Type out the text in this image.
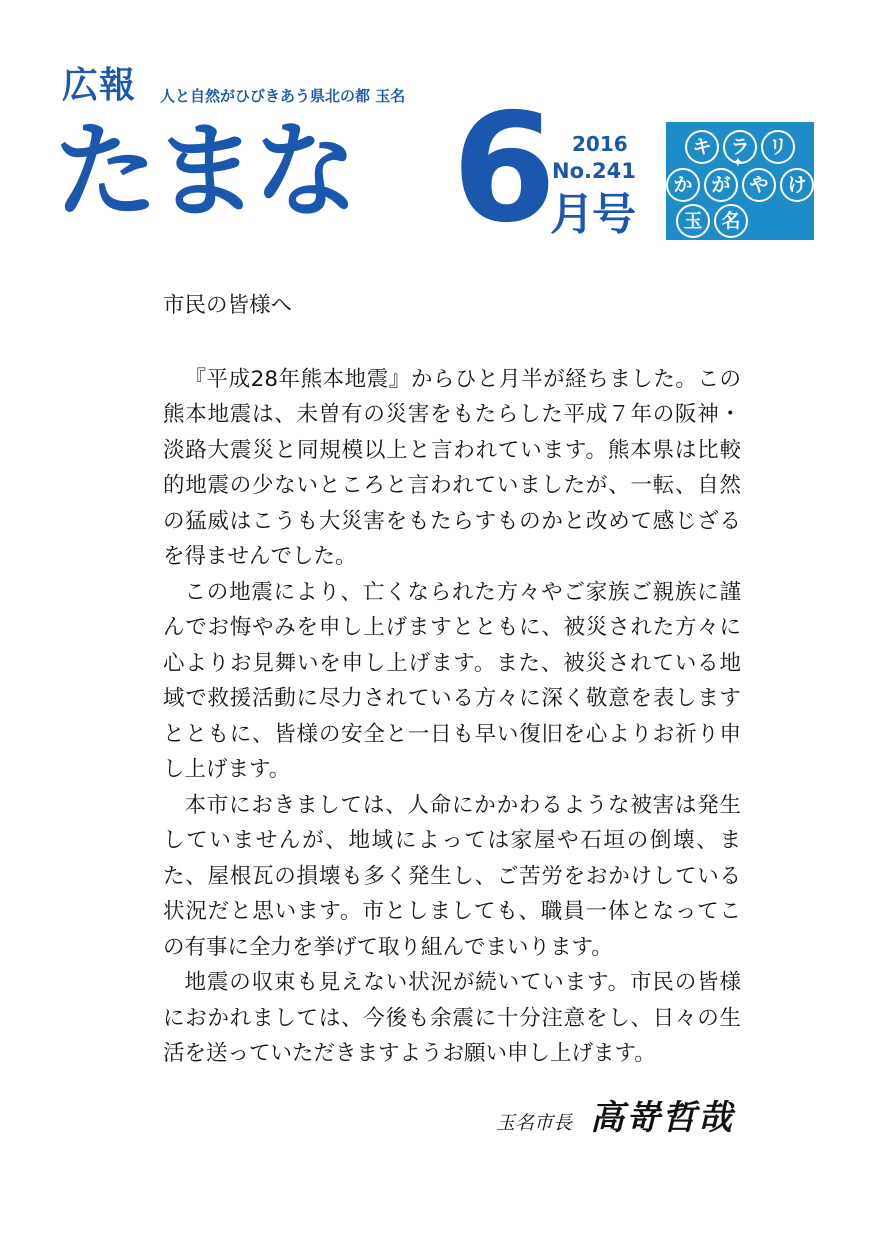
広報 人と自然がひびきあう県北の都 玉名
たまな 6 2016
No.241
月号
キ ラ リ
✦
か が や け
玉 名

市民の皆様へ

『平成28年熊本地震』からひと月半が経ちました。この熊本地震は、未曽有の災害をもたらした平成７年の阪神・淡路大震災と同規模以上と言われています。熊本県は比較的地震の少ないところと言われていましたが、一転、自然の猛威はこうも大災害をもたらすものかと改めて感じざるを得ませんでした。

この地震により、亡くなられた方々やご家族ご親族に謹んでお悔やみを申し上げますとともに、被災された方々に心よりお見舞いを申し上げます。また、被災されている地域で救援活動に尽力されている方々に深く敬意を表しますとともに、皆様の安全と一日も早い復旧を心よりお祈り申し上げます。

本市におきましては、人命にかかわるような被害は発生していませんが、地域によっては家屋や石垣の倒壊、また、屋根瓦の損壊も多く発生し、ご苦労をおかけしている状況だと思います。市としましても、職員一体となってこの有事に全力を挙げて取り組んでまいります。

地震の収束も見えない状況が続いています。市民の皆様におかれましては、今後も余震に十分注意をし、日々の生活を送っていただきますようお願い申し上げます。

玉名市長 高嵜哲哉
